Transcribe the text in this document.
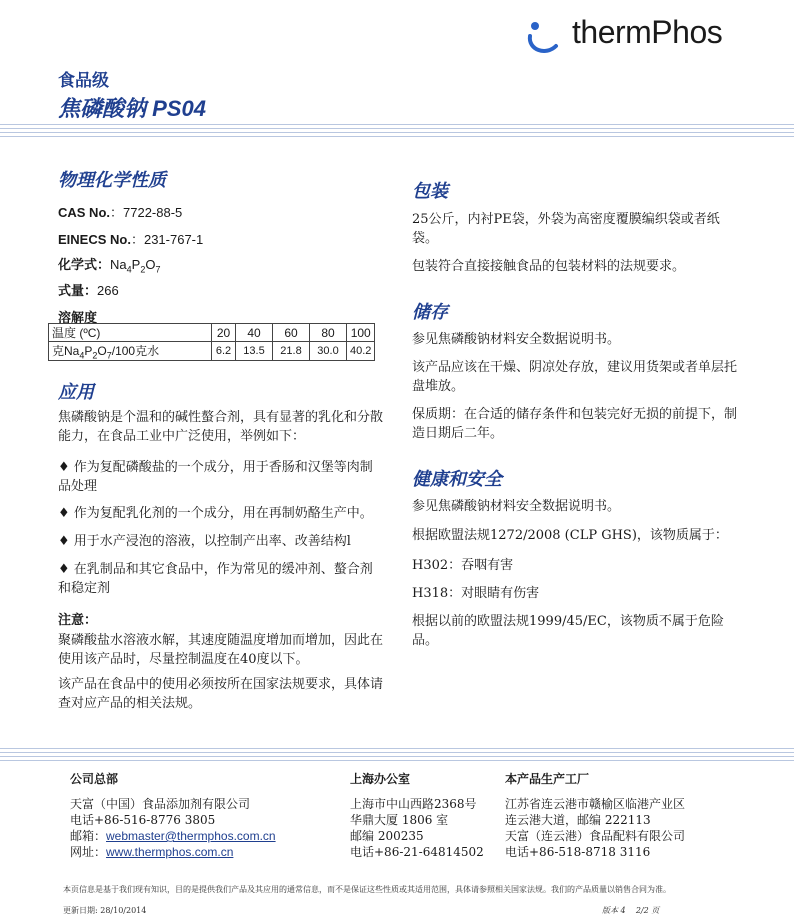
thermPhos
食品级
焦磷酸钠 PS04
物理化学性质
CAS No.：7722-88-5
EINECS No.：231-767-1
化学式：$Na_4P_2O_7$
式量：266
溶解度
温度 (ºC)	20	40	60	80	100
克$Na_4P_2O_7/100$克水	6.2	13.5	21.8	30.0	40.2
应用
焦磷酸钠是个温和的碱性螯合剂，具有显著的乳化和分散能力，在食品工业中广泛使用，举例如下：
♦ 作为复配磷酸盐的一个成分，用于香肠和汉堡等肉制品处理
♦ 作为复配乳化剂的一个成分，用在再制奶酪生产中。
♦ 用于水产浸泡的溶液，以控制产出率、改善结构l
♦ 在乳制品和其它食品中，作为常见的缓冲剂、螯合剂和稳定剂
注意：
聚磷酸盐水溶液水解，其速度随温度增加而增加，因此在使用该产品时，尽量控制温度在40度以下。
该产品在食品中的使用必须按所在国家法规要求，具体请查对应产品的相关法规。
包装
25公斤，内衬PE袋，外袋为高密度覆膜编织袋或者纸袋。
包装符合直接接触食品的包装材料的法规要求。
储存
参见焦磷酸钠材料安全数据说明书。
该产品应该在干燥、阴凉处存放，建议用货架或者单层托盘堆放。
保质期：在合适的储存条件和包装完好无损的前提下，制造日期后二年。
健康和安全
参见焦磷酸钠材料安全数据说明书。
根据欧盟法规1272/2008 (CLP GHS)，该物质属于：
H302：吞咽有害
H318：对眼睛有伤害
根据以前的欧盟法规1999/45/EC，该物质不属于危险品。
公司总部
天富（中国）食品添加剂有限公司
电话+86-516-8776 3805
邮箱：webmaster@thermphos.com.cn
网址：www.thermphos.com.cn
上海办公室
上海市中山西路2368号
华鼎大厦 1806 室
邮编 200235
电话+86-21-64814502
本产品生产工厂
江苏省连云港市赣榆区临港产业区
连云港大道，邮编 222113
天富（连云港）食品配料有限公司
电话+86-518-8718 3116
本页信息是基于我们现有知识，目的是提供我们产品及其应用的通常信息，而不是保证这些性质或其适用范围，具体请参照相关国家法规。我们的产品质量以销售合同为准。
更新日期: 28/10/2014	版本 4 2/2 页
